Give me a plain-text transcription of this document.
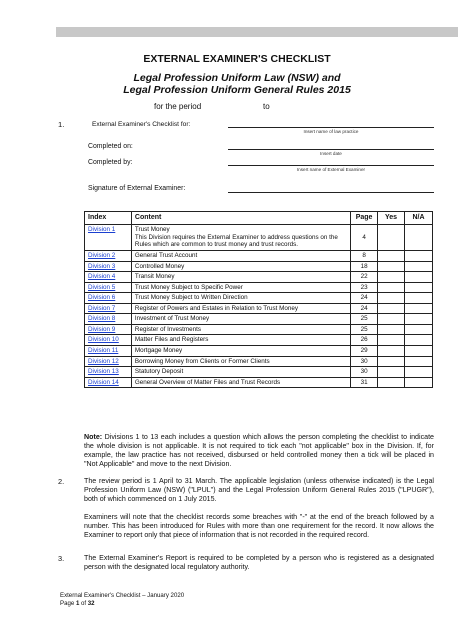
EXTERNAL EXAMINER'S CHECKLIST
Legal Profession Uniform Law (NSW) and
Legal Profession Uniform General Rules 2015
for the period	to
1.	External Examiner's Checklist for:
Insert name of law practice
Completed on:
Insert date
Completed by:
Insert name of External Examiner
Signature of External Examiner:
Index	Content	Page	Yes	N/A
Division 1	Trust Money
This Division requires the External Examiner to address questions on the Rules which are common to trust money and trust records.	4		
Division 2	General Trust Account	8		
Division 3	Controlled Money	18		
Division 4	Transit Money	22		
Division 5	Trust Money Subject to Specific Power	23		
Division 6	Trust Money Subject to Written Direction	24		
Division 7	Register of Powers and Estates in Relation to Trust Money	24		
Division 8	Investment of Trust Money	25		
Division 9	Register of Investments	25		
Division 10	Matter Files and Registers	26		
Division 11	Mortgage Money	29		
Division 12	Borrowing Money from Clients or Former Clients	30		
Division 13	Statutory Deposit	30		
Division 14	General Overview of Matter Files and Trust Records	31		
Note: Divisions 1 to 13 each includes a question which allows the person completing the checklist to indicate the whole division is not applicable. It is not required to tick each "not applicable" box in the Division. If, for example, the law practice has not received, disbursed or held controlled money then a tick will be placed in "Not Applicable" and move to the next Division.
2.	The review period is 1 April to 31 March. The applicable legislation (unless otherwise indicated) is the Legal Profession Uniform Law (NSW) ("LPUL") and the Legal Profession Uniform General Rules 2015 ("LPUGR"), both of which commenced on 1 July 2015.
Examiners will note that the checklist records some breaches with "-" at the end of the breach followed by a number. This has been introduced for Rules with more than one requirement for the record. It now allows the Examiner to report only that piece of information that is not recorded in the required record.
3.	The External Examiner's Report is required to be completed by a person who is registered as a designated person with the designated local regulatory authority.
External Examiner's Checklist – January 2020
Page 1 of 32
